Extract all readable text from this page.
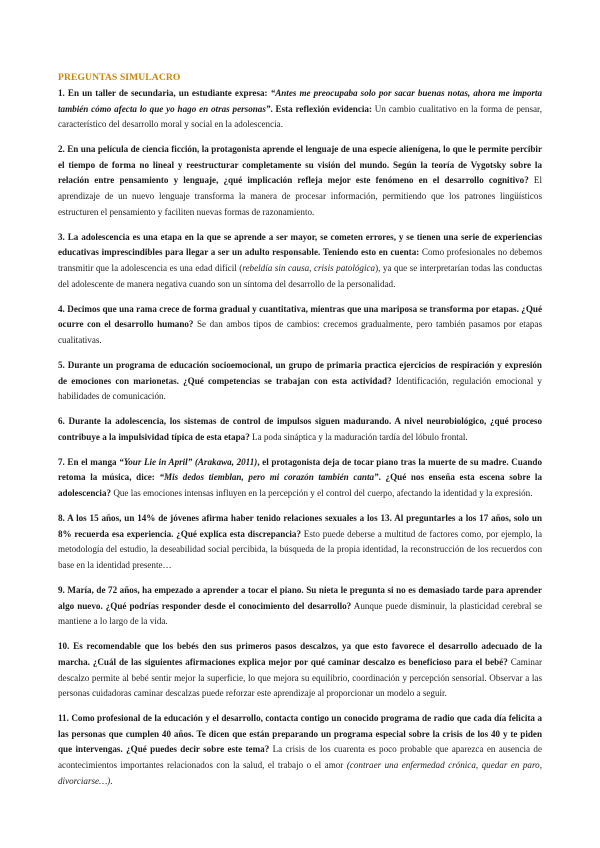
PREGUNTAS SIMULACRO

1. En un taller de secundaria, un estudiante expresa: “Antes me preocupaba solo por sacar buenas notas, ahora me importa también cómo afecta lo que yo hago en otras personas”. Esta reflexión evidencia: Un cambio cualitativo en la forma de pensar, característico del desarrollo moral y social en la adolescencia.

2. En una película de ciencia ficción, la protagonista aprende el lenguaje de una especie alienígena, lo que le permite percibir el tiempo de forma no lineal y reestructurar completamente su visión del mundo. Según la teoría de Vygotsky sobre la relación entre pensamiento y lenguaje, ¿qué implicación refleja mejor este fenómeno en el desarrollo cognitivo? El aprendizaje de un nuevo lenguaje transforma la manera de procesar información, permitiendo que los patrones lingüísticos estructuren el pensamiento y faciliten nuevas formas de razonamiento.

3. La adolescencia es una etapa en la que se aprende a ser mayor, se cometen errores, y se tienen una serie de experiencias educativas imprescindibles para llegar a ser un adulto responsable. Teniendo esto en cuenta: Como profesionales no debemos transmitir que la adolescencia es una edad difícil (rebeldía sin causa, crisis patológica), ya que se interpretarían todas las conductas del adolescente de manera negativa cuando son un síntoma del desarrollo de la personalidad.

4. Decimos que una rama crece de forma gradual y cuantitativa, mientras que una mariposa se transforma por etapas. ¿Qué ocurre con el desarrollo humano? Se dan ambos tipos de cambios: crecemos gradualmente, pero también pasamos por etapas cualitativas.

5. Durante un programa de educación socioemocional, un grupo de primaria practica ejercicios de respiración y expresión de emociones con marionetas. ¿Qué competencias se trabajan con esta actividad? Identificación, regulación emocional y habilidades de comunicación.

6. Durante la adolescencia, los sistemas de control de impulsos siguen madurando. A nivel neurobiológico, ¿qué proceso contribuye a la impulsividad típica de esta etapa? La poda sináptica y la maduración tardía del lóbulo frontal.

7. En el manga “Your Lie in April” (Arakawa, 2011), el protagonista deja de tocar piano tras la muerte de su madre. Cuando retoma la música, dice: “Mis dedos tiemblan, pero mi corazón también canta”. ¿Qué nos enseña esta escena sobre la adolescencia? Que las emociones intensas influyen en la percepción y el control del cuerpo, afectando la identidad y la expresión.

8. A los 15 años, un 14% de jóvenes afirma haber tenido relaciones sexuales a los 13. Al preguntarles a los 17 años, solo un 8% recuerda esa experiencia. ¿Qué explica esta discrepancia? Esto puede deberse a multitud de factores como, por ejemplo, la metodología del estudio, la deseabilidad social percibida, la búsqueda de la propia identidad, la reconstrucción de los recuerdos con base en la identidad presente…

9. María, de 72 años, ha empezado a aprender a tocar el piano. Su nieta le pregunta si no es demasiado tarde para aprender algo nuevo. ¿Qué podrías responder desde el conocimiento del desarrollo? Aunque puede disminuir, la plasticidad cerebral se mantiene a lo largo de la vida.

10. Es recomendable que los bebés den sus primeros pasos descalzos, ya que esto favorece el desarrollo adecuado de la marcha. ¿Cuál de las siguientes afirmaciones explica mejor por qué caminar descalzo es beneficioso para el bebé? Caminar descalzo permite al bebé sentir mejor la superficie, lo que mejora su equilibrio, coordinación y percepción sensorial. Observar a las personas cuidadoras caminar descalzas puede reforzar este aprendizaje al proporcionar un modelo a seguir.

11. Como profesional de la educación y el desarrollo, contacta contigo un conocido programa de radio que cada día felicita a las personas que cumplen 40 años. Te dicen que están preparando un programa especial sobre la crisis de los 40 y te piden que intervengas. ¿Qué puedes decir sobre este tema? La crisis de los cuarenta es poco probable que aparezca en ausencia de acontecimientos importantes relacionados con la salud, el trabajo o el amor (contraer una enfermedad crónica, quedar en paro, divorciarse…).
